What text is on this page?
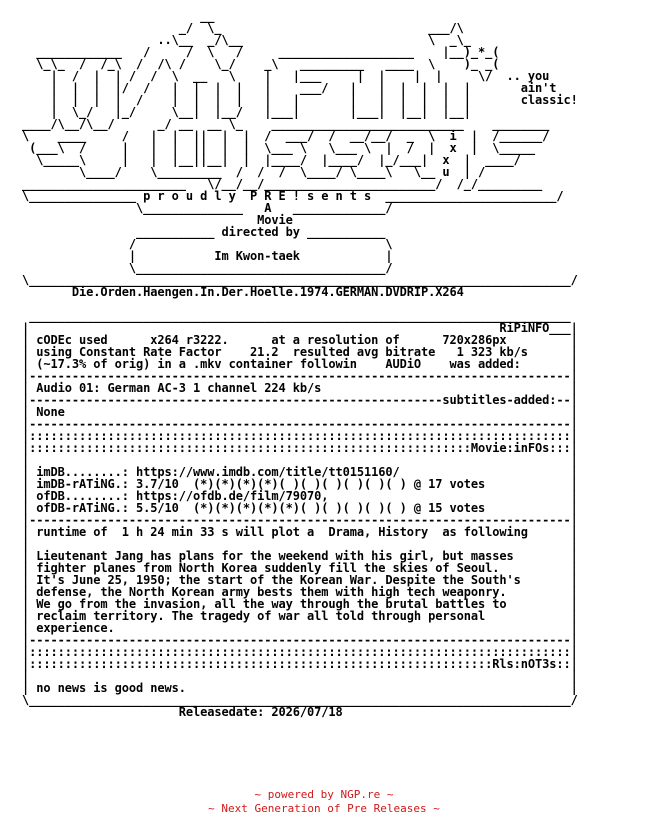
__
_/  \_                             ___/\
..\__  _/\__                          \  _\_
____________   /     /  \   /     ___________________    |__)_*_(
\_\_  /  /_\  /  /\ /    \_/    _\   _________   ____  \    )_ _(
|  /  |  | /  /  \  __   \    |   |___     |  |    |  |     \/  .. you
|  |  |  |/  /   |  |  |  |   |    ___/   |   |  |  |  |  |       ain't
|  |  |  |  /    |  |  |  |   |   |       |   |  |  |  |  |       classic!
|  \_/   |_/     \__|  |__/   |___|       |___|  |__|  |__|
____/\__/\__/      _/ __  __ \_    ___________________________    ________
\    ____     /   |  |  ||  |  |  /  ___/  /  __/__/  _  \  i  |  /______/
(___\  /     |   |  |  ||  |  |  \___ \   \___ \  |  /  |  x  |  \_____
\_____\     |   |  |__||__|  |  |____/  |____/  |_/___|  x  |  ____/
\____/    \_________  /  /  /  \____/ \____\   \__ u  | /
_______________________   \/__/__/________________________/  /_/_________
\_______________ p r o u d l y  P R E ! s e n t s  ________________________/
\______________   A   _____________/
Movie
___________ directed by ___________
/                                   \
|           Im Kwon-taek            |
\___________________________________/
\____________________________________________________________________________/
Die.Orden.Haengen.In.Der.Hoelle.1974.GERMAN.DVDRIP.X264

____________________________________________________________________________
|                                                                  RiPiNFO___|
| cODEc used      x264 r3222.      at a resolution of      720x286px         |
| using Constant Rate Factor    21.2  resulted avg bitrate   1 323 kb/s      |
| (~17.3% of orig) in a .mkv container followin    AUDiO    was added:       |
|----------------------------------------------------------------------------|
| Audio 01: German AC-3 1 channel 224 kb/s                                   |
|----------------------------------------------------------subtitles-added:--|
| None                                                                       |
|----------------------------------------------------------------------------|
|::::::::::::::::::::::::::::::::::::::::::::::::::::::::::::::::::::::::::::|
|::::::::::::::::::::::::::::::::::::::::::::::::::::::::::::::Movie:inFOs:::|
|                                                                            |
| imDB........: https://www.imdb.com/title/tt0151160/                        |
| imDB-rATiNG.: 3.7/10  (*)(*)(*)(*)( )( )( )( )( )( ) @ 17 votes            |
| ofDB........: https://ofdb.de/film/79070,                                  |
| ofDB-rATiNG.: 5.5/10  (*)(*)(*)(*)(*)( )( )( )( )( ) @ 15 votes            |
|----------------------------------------------------------------------------|
| runtime of  1 h 24 min 33 s will plot a  Drama, History  as following      |
|                                                                            |
| Lieutenant Jang has plans for the weekend with his girl, but masses        |
| fighter planes from North Korea suddenly fill the skies of Seoul.          |
| It's June 25, 1950; the start of the Korean War. Despite the South's       |
| defense, the North Korean army bests them with high tech weaponry.         |
| We go from the invasion, all the way through the brutal battles to         |
| reclaim territory. The tragedy of war all told through personal            |
| experience.                                                                |
|----------------------------------------------------------------------------|
|::::::::::::::::::::::::::::::::::::::::::::::::::::::::::::::::::::::::::::|
|:::::::::::::::::::::::::::::::::::::::::::::::::::::::::::::::::Rls:nOT3s::|
|                                                                            |
| no news is good news.                                                      |
\____________________________________________________________________________/
Releasedate: 2026/07/18
~ powered by NGP.re ~
~ Next Generation of Pre Releases ~
